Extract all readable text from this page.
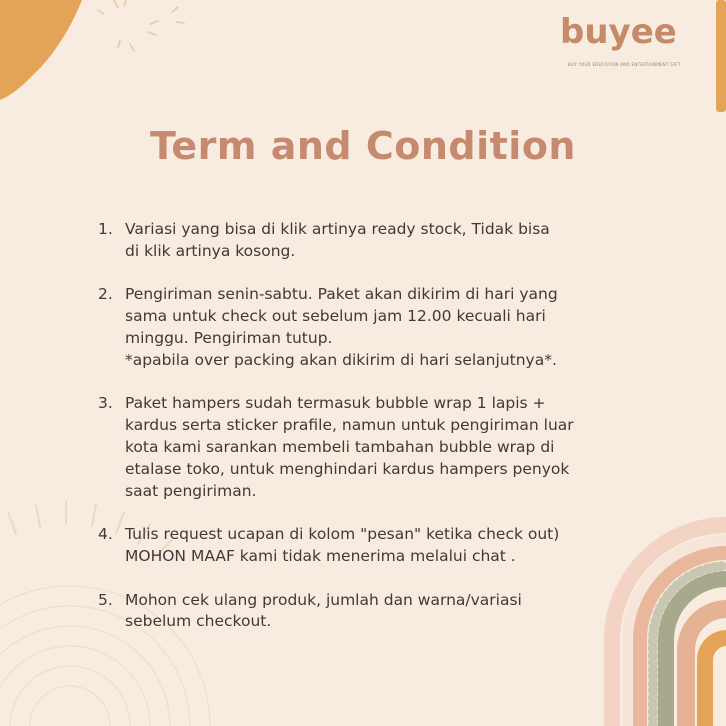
buyee
BUY YOUR EDUCATION AND ENTERTAINMENT GIFT
Term and Condition
1. Variasi yang bisa di klik artinya ready stock, Tidak bisa
di klik artinya kosong.
2. Pengiriman senin-sabtu. Paket akan dikirim di hari yang
sama untuk check out sebelum jam 12.00 kecuali hari
minggu. Pengiriman tutup.
*apabila over packing akan dikirim di hari selanjutnya*.
3. Paket hampers sudah termasuk bubble wrap 1 lapis +
kardus serta sticker prafile, namun untuk pengiriman luar
kota kami sarankan membeli tambahan bubble wrap di
etalase toko, untuk menghindari kardus hampers penyok
saat pengiriman.
4. Tulis request ucapan di kolom "pesan" ketika check out)
MOHON MAAF kami tidak menerima melalui chat .
5. Mohon cek ulang produk, jumlah dan warna/variasi
sebelum checkout.
